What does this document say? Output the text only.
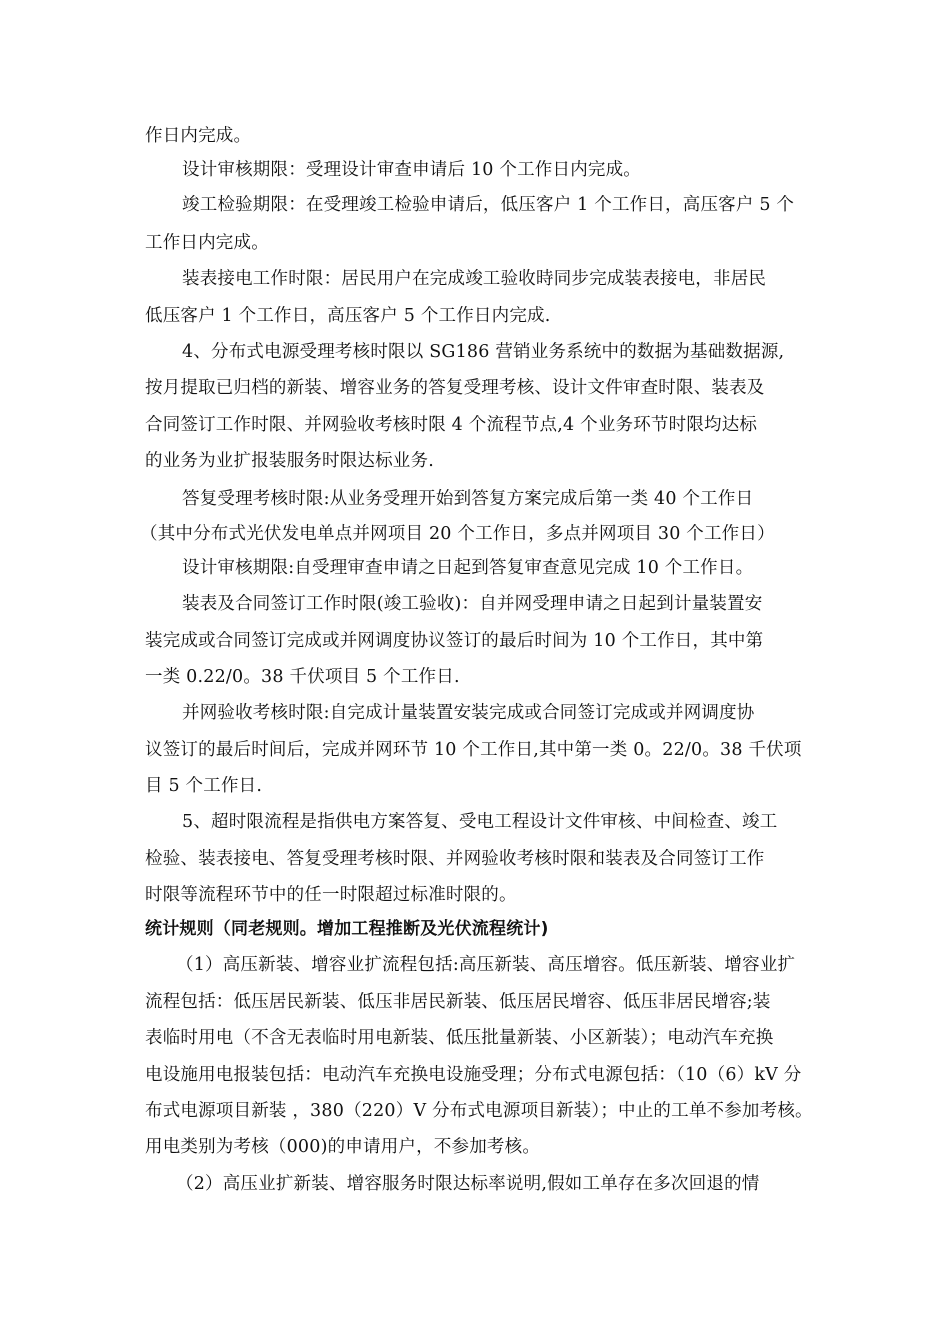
作日内完成。
设计审核期限：受理设计审查申请后 10 个工作日内完成。
竣工检验期限：在受理竣工检验申请后，低压客户 1 个工作日，高压客户 5 个
工作日内完成。
装表接电工作时限：居民用户在完成竣工验收時同步完成装表接电，非居民
低压客户 1 个工作日，高压客户 5 个工作日内完成.
4、分布式电源受理考核时限以 SG186 营销业务系统中的数据为基础数据源,
按月提取已归档的新装、增容业务的答复受理考核、设计文件审查时限、装表及
合同签订工作时限、并网验收考核时限 4 个流程节点,4 个业务环节时限均达标
的业务为业扩报装服务时限达标业务.
答复受理考核时限:从业务受理开始到答复方案完成后第一类 40 个工作日
（其中分布式光伏发电单点并网项目 20 个工作日，多点并网项目 30 个工作日）
设计审核期限:自受理审查申请之日起到答复审查意见完成 10 个工作日。
装表及合同签订工作时限(竣工验收)：自并网受理申请之日起到计量装置安
装完成或合同签订完成或并网调度协议签订的最后时间为 10 个工作日，其中第
一类 0.22/0。38 千伏项目 5 个工作日.
并网验收考核时限:自完成计量装置安装完成或合同签订完成或并网调度协
议签订的最后时间后，完成并网环节 10 个工作日,其中第一类 0。22/0。38 千伏项
目 5 个工作日.
5、超时限流程是指供电方案答复、受电工程设计文件审核、中间检查、竣工
检验、装表接电、答复受理考核时限、并网验收考核时限和装表及合同签订工作
时限等流程环节中的任一时限超过标准时限的。
统计规则（同老规则。增加工程推断及光伏流程统计)
（1）高压新装、增容业扩流程包括:高压新装、高压增容。低压新装、增容业扩
流程包括：低压居民新装、低压非居民新装、低压居民增容、低压非居民增容;装
表临时用电（不含无表临时用电新装、低压批量新装、小区新装）；电动汽车充换
电设施用电报装包括：电动汽车充换电设施受理；分布式电源包括：（10（6）kV 分
布式电源项目新装 ，380（220）V 分布式电源项目新装）；中止的工单不参加考核。
用电类别为考核（000)的申请用户，不参加考核。
（2）高压业扩新装、增容服务时限达标率说明,假如工单存在多次回退的情
